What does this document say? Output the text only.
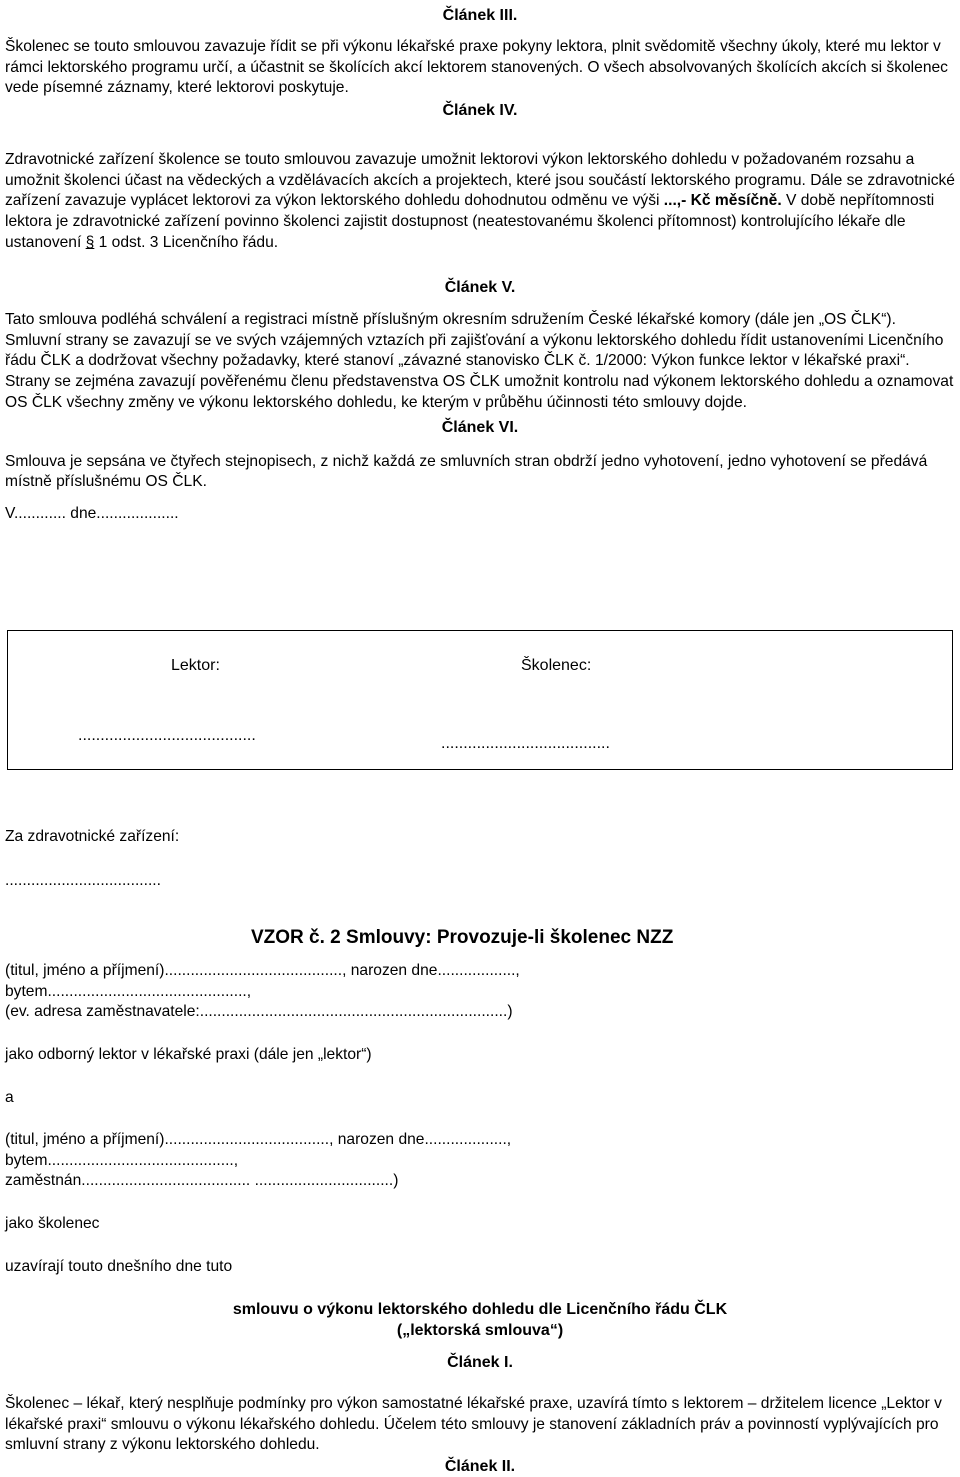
Článek III.

Školenec se touto smlouvou zavazuje řídit se při výkonu lékařské praxe pokyny lektora, plnit svědomitě všechny úkoly, které mu lektor v rámci lektorského programu určí, a účastnit se školících akcí lektorem stanovených. O všech absolvovaných školících akcích si školenec vede písemné záznamy, které lektorovi poskytuje.

Článek IV.

Zdravotnické zařízení školence se touto smlouvou zavazuje umožnit lektorovi výkon lektorského dohledu v požadovaném rozsahu a umožnit školenci účast na vědeckých a vzdělávacích akcích a projektech, které jsou součástí lektorského programu. Dále se zdravotnické zařízení zavazuje vyplácet lektorovi za výkon lektorského dohledu dohodnutou odměnu ve výši ...,- Kč měsíčně. V době nepřítomnosti lektora je zdravotnické zařízení povinno školenci zajistit dostupnost (neatestovanému školenci přítomnost) kontrolujícího lékaře dle ustanovení § 1 odst. 3 Licenčního řádu.

Článek V.

Tato smlouva podléhá schválení a registraci místně příslušným okresním sdružením České lékařské komory (dále jen „OS ČLK“). Smluvní strany se zavazují se ve svých vzájemných vztazích při zajišťování a výkonu lektorského dohledu řídit ustanoveními Licenčního řádu ČLK a dodržovat všechny požadavky, které stanoví „závazné stanovisko ČLK č. 1/2000: Výkon funkce lektor v lékařské praxi“. Strany se zejména zavazují pověřenému členu představenstva OS ČLK umožnit kontrolu nad výkonem lektorského dohledu a oznamovat OS ČLK všechny změny ve výkonu lektorského dohledu, ke kterým v průběhu účinnosti této smlouvy dojde.

Článek VI.

Smlouva je sepsána ve čtyřech stejnopisech, z nichž každá ze smluvních stran obdrží jedno vyhotovení, jedno vyhotovení se předává místně příslušnému OS ČLK.

V............ dne...................

Lektor:	Školenec:
........................................	......................................
Za zdravotnické zařízení:
....................................
VZOR č. 2 Smlouvy: Provozuje-li školenec NZZ

(titul, jméno a příjmení)........................................., narozen dne..................,

bytem..............................................,

(ev. adresa zaměstnavatele:.......................................................................)

jako odborný lektor v lékařské praxi (dále jen „lektor“)
a

(titul, jméno a příjmení)......................................, narozen dne...................,

bytem...........................................,

zaměstnán....................................... ................................)

jako školenec
uzavírají touto dnešního dne tuto

smlouvu o výkonu lektorského dohledu dle Licenčního řádu ČLK

(„lektorská smlouva“)

Článek I.

Školenec – lékař, který nesplňuje podmínky pro výkon samostatné lékařské praxe, uzavírá tímto s lektorem – držitelem licence „Lektor v lékařské praxi“ smlouvu o výkonu lékařského dohledu. Účelem této smlouvy je stanovení základních práv a povinností vyplývajících pro smluvní strany z výkonu lektorského dohledu.

Článek II.
